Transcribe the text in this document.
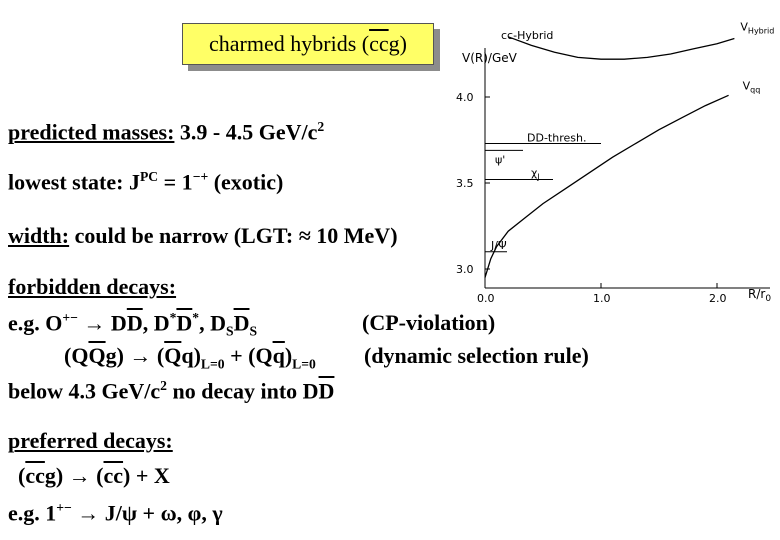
charmed hybrids ( $\overline{cc}$ g)
predicted masses: 3.9 - 4.5 GeV/$c^2$
lowest state: $J^{PC} = 1^{-+}$ (exotic)
width: could be narrow (LGT: ≈ 10 MeV)
forbidden decays:
e.g. $O^{+-} \to D\overline{D}$, $D^*\overline{D}^*$, $D_S\overline{D}_S$	(CP-violation)
$(Q\overline{Q}g) \to (\overline{Q}q)_{L=0} + (Q\overline{q})_{L=0}$ (dynamic selection rule)
below 4.3 GeV/$c^2$ no decay into $D\overline{D}$
preferred decays:
$(\overline{cc}g) \to (\overline{cc}) + X$
e.g. 1+− → J/ψ + ω, φ, γ
V(R)/GeV
3.0
3.5
4.0
0.0	1.0	2.0
DD-thresh.
ψ'
$\chi_J$
J/Ψ
$V_{Hybrid}$
cc-Hybrid
$V_{qq}$
$R/r_0$
